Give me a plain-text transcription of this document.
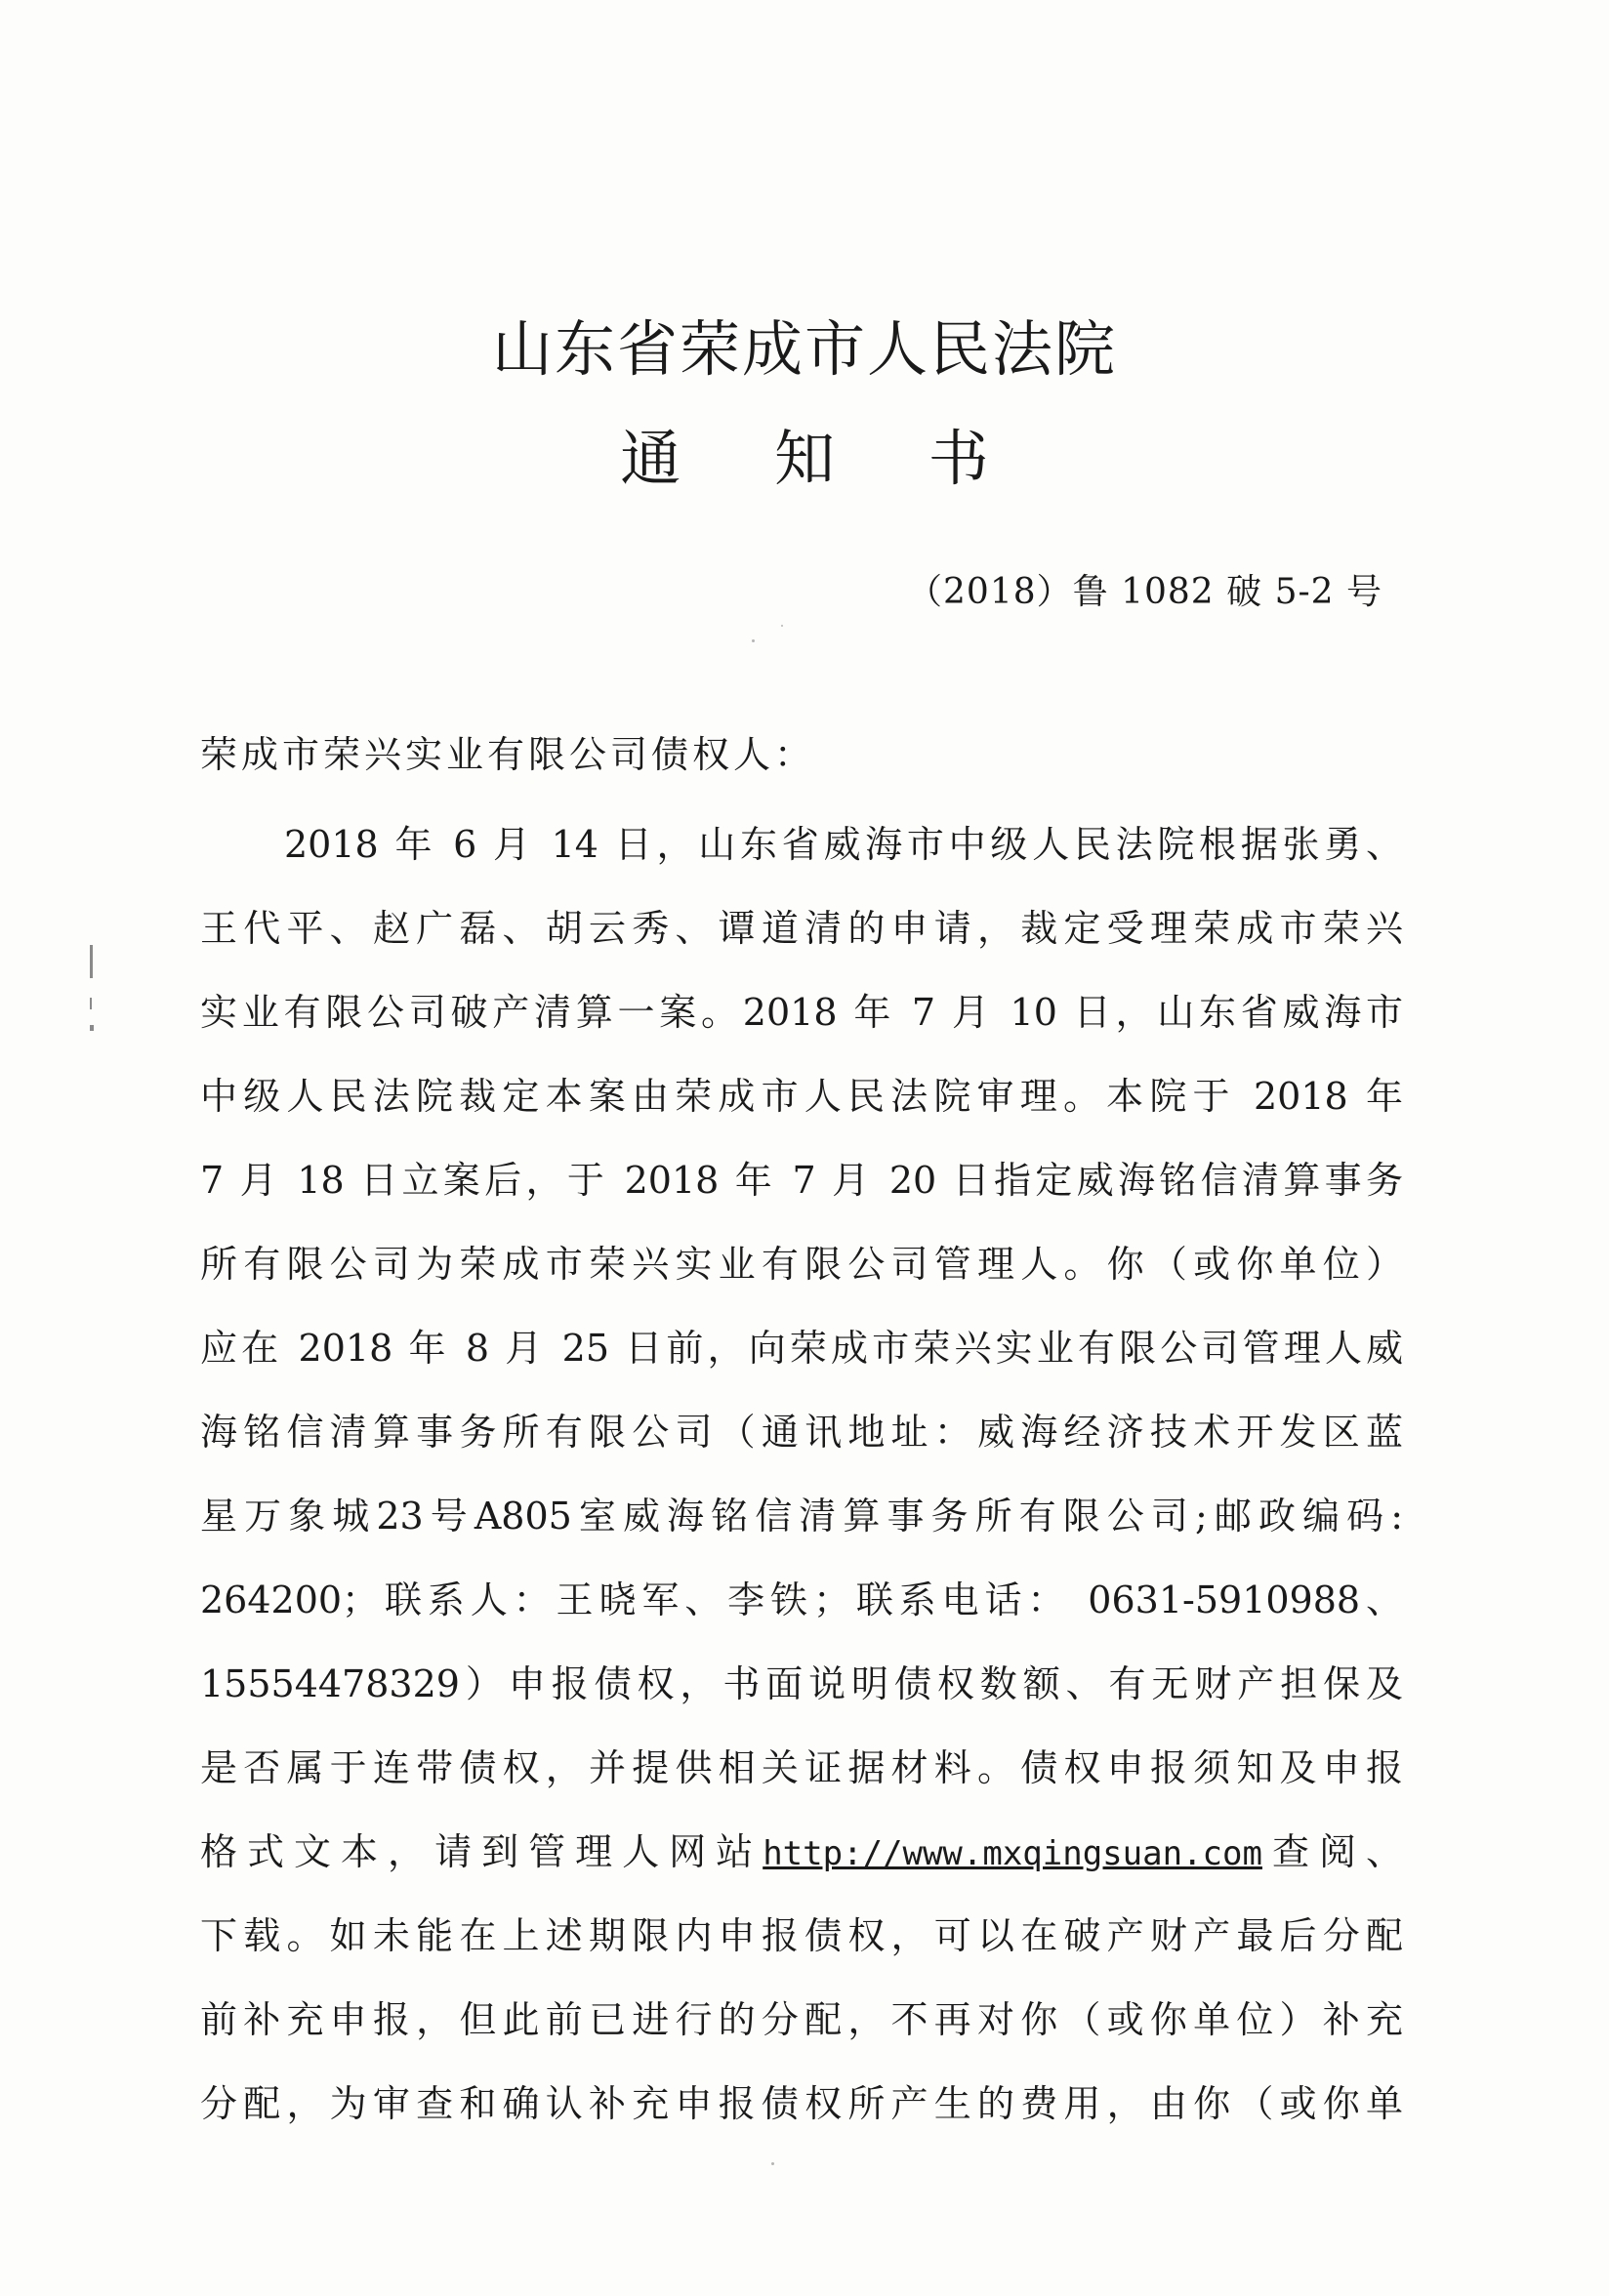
山东省荣成市人民法院
通 知 书
（2018）鲁 1082 破 5-2 号
荣成市荣兴实业有限公司债权人：
2018 年 6 月 14 日，山东省威海市中级人民法院根据张勇、
王代平、赵广磊、胡云秀、谭道清的申请，裁定受理荣成市荣兴
实业有限公司破产清算一案。2018 年 7 月 10 日，山东省威海市
中级人民法院裁定本案由荣成市人民法院审理。本院于 2018 年
7 月 18 日立案后，于 2018 年 7 月 20 日指定威海铭信清算事务
所有限公司为荣成市荣兴实业有限公司管理人。你（或你单位）
应在 2018 年 8 月 25 日前，向荣成市荣兴实业有限公司管理人威
海铭信清算事务所有限公司（通讯地址：威海经济技术开发区蓝
星万象城23号A805室威海铭信清算事务所有限公司;邮政编码:
264200；联系人：王晓军、李铁；联系电话： 0631-5910988、
15554478329）申报债权，书面说明债权数额、有无财产担保及
是否属于连带债权，并提供相关证据材料。债权申报须知及申报
格式文本，请到管理人网站http://www.mxqingsuan.com查阅、
下载。如未能在上述期限内申报债权，可以在破产财产最后分配
前补充申报，但此前已进行的分配，不再对你（或你单位）补充
分配，为审查和确认补充申报债权所产生的费用，由你（或你单
